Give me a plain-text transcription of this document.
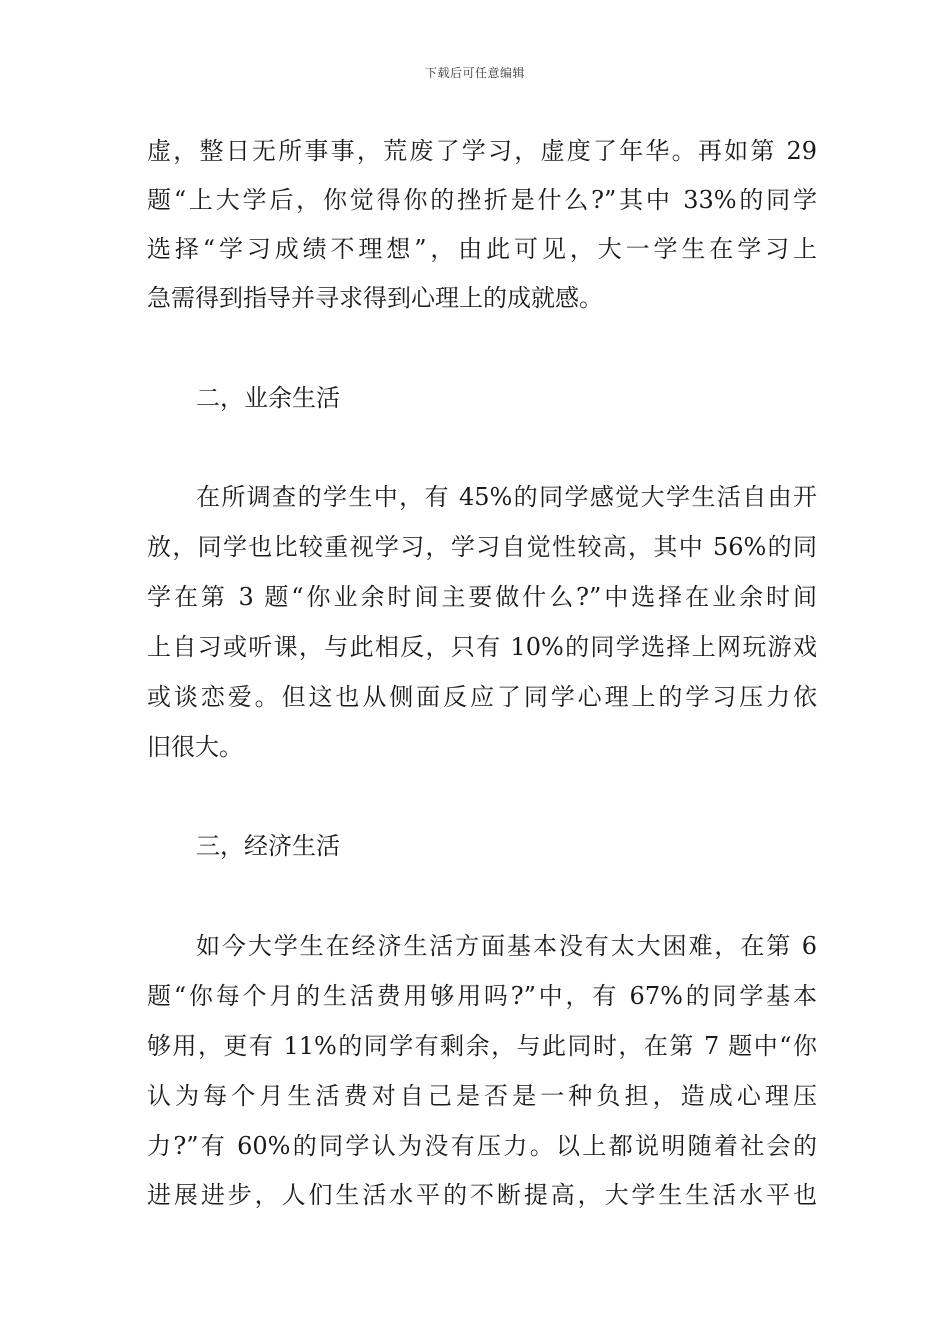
下载后可任意编辑
虚，整日无所事事，荒废了学习，虚度了年华。再如第 29
题“上大学后，你觉得你的挫折是什么?”其中 33%的同学
选择“学习成绩不理想”，由此可见，大一学生在学习上
急需得到指导并寻求得到心理上的成就感。
二，业余生活
在所调查的学生中，有 45%的同学感觉大学生活自由开
放，同学也比较重视学习，学习自觉性较高，其中 56%的同
学在第 3 题“你业余时间主要做什么?”中选择在业余时间
上自习或听课，与此相反，只有 10%的同学选择上网玩游戏
或谈恋爱。但这也从侧面反应了同学心理上的学习压力依
旧很大。
三，经济生活
如今大学生在经济生活方面基本没有太大困难，在第 6
题“你每个月的生活费用够用吗?”中，有 67%的同学基本
够用，更有 11%的同学有剩余，与此同时，在第 7 题中“你
认为每个月生活费对自己是否是一种负担，造成心理压
力?”有 60%的同学认为没有压力。以上都说明随着社会的
进展进步，人们生活水平的不断提高，大学生生活水平也
